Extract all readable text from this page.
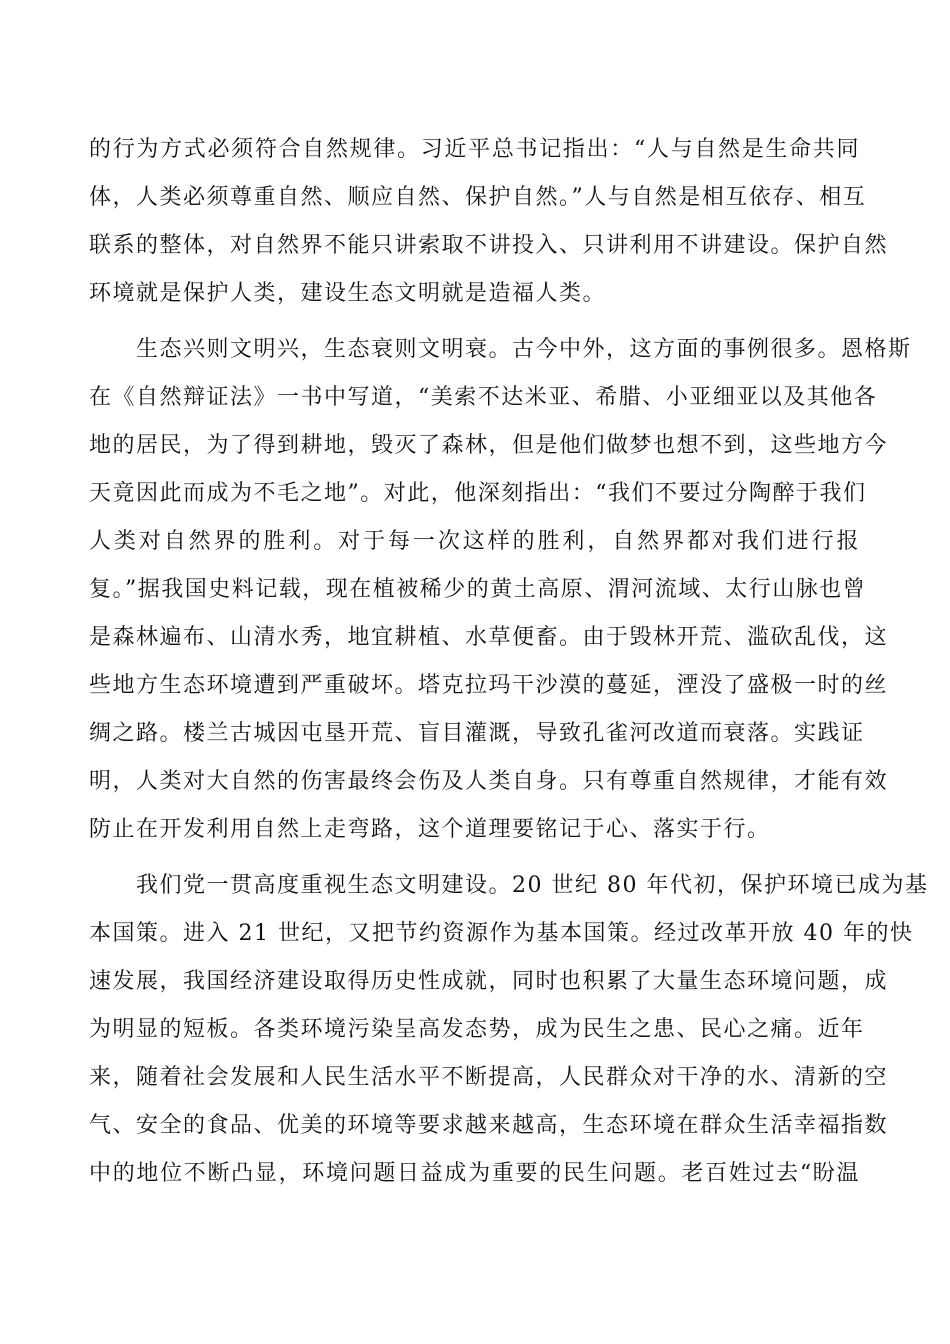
的行为方式必须符合自然规律。习近平总书记指出：“人与自然是生命共同
体，人类必须尊重自然、顺应自然、保护自然。”人与自然是相互依存、相互
联系的整体，对自然界不能只讲索取不讲投入、只讲利用不讲建设。保护自然
环境就是保护人类，建设生态文明就是造福人类。
　　生态兴则文明兴，生态衰则文明衰。古今中外，这方面的事例很多。恩格斯
在《自然辩证法》一书中写道，“美索不达米亚、希腊、小亚细亚以及其他各
地的居民，为了得到耕地，毁灭了森林，但是他们做梦也想不到，这些地方今
天竟因此而成为不毛之地”。对此，他深刻指出：“我们不要过分陶醉于我们
人类对自然界的胜利。对于每一次这样的胜利，自然界都对我们进行报
复。”据我国史料记载，现在植被稀少的黄土高原、渭河流域、太行山脉也曾
是森林遍布、山清水秀，地宜耕植、水草便畜。由于毁林开荒、滥砍乱伐，这
些地方生态环境遭到严重破坏。塔克拉玛干沙漠的蔓延，湮没了盛极一时的丝
绸之路。楼兰古城因屯垦开荒、盲目灌溉，导致孔雀河改道而衰落。实践证
明，人类对大自然的伤害最终会伤及人类自身。只有尊重自然规律，才能有效
防止在开发利用自然上走弯路，这个道理要铭记于心、落实于行。
　　我们党一贯高度重视生态文明建设。20 世纪 80 年代初，保护环境已成为基
本国策。进入 21 世纪，又把节约资源作为基本国策。经过改革开放 40 年的快
速发展，我国经济建设取得历史性成就，同时也积累了大量生态环境问题，成
为明显的短板。各类环境污染呈高发态势，成为民生之患、民心之痛。近年
来，随着社会发展和人民生活水平不断提高，人民群众对干净的水、清新的空
气、安全的食品、优美的环境等要求越来越高，生态环境在群众生活幸福指数
中的地位不断凸显，环境问题日益成为重要的民生问题。老百姓过去“盼温
